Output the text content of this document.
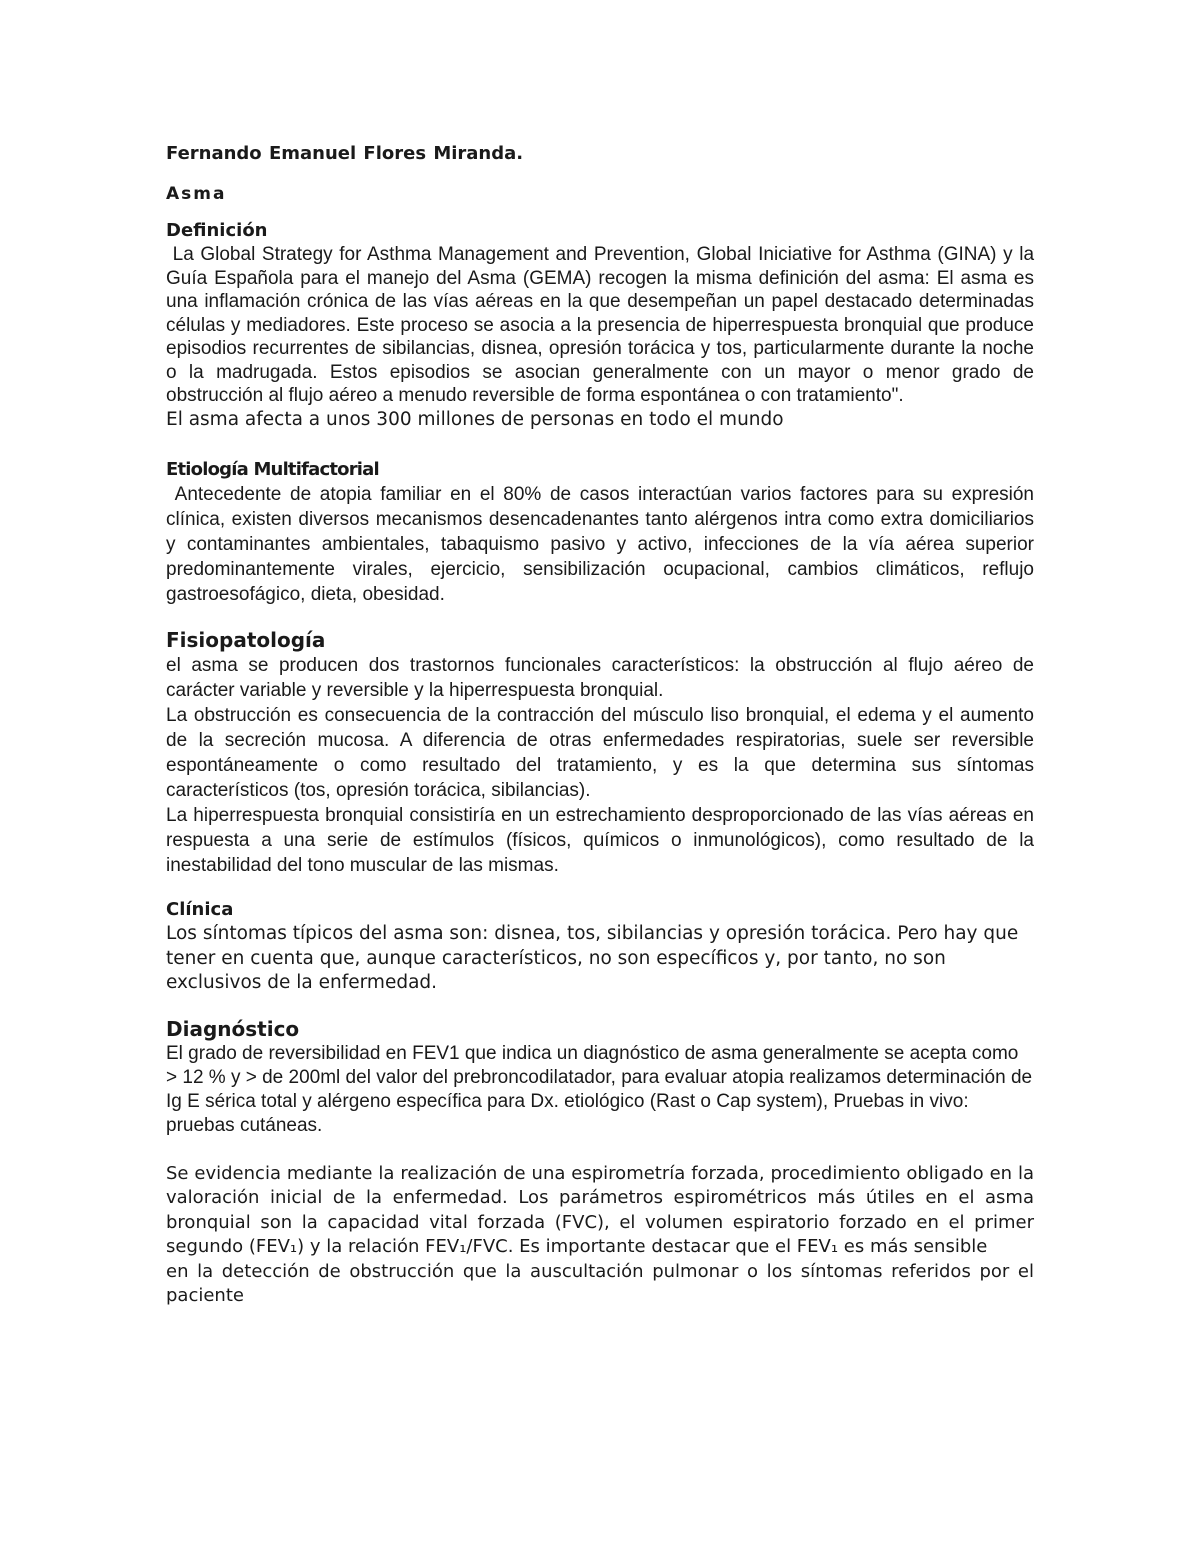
Fernando Emanuel Flores Miranda.

Asma

Definición

La Global Strategy for Asthma Management and Prevention, Global Iniciative for Asthma (GINA) y la Guía Española para el manejo del Asma (GEMA) recogen la misma definición del asma: El asma es una inflamación crónica de las vías aéreas en la que desempeñan un papel destacado determinadas células y mediadores. Este proceso se asocia a la presencia de hiperrespuesta bronquial que produce episodios recurrentes de sibilancias, disnea, opresión torácica y tos, particularmente durante la noche o la madrugada. Estos episodios se asocian generalmente con un mayor o menor grado de obstrucción al flujo aéreo a menudo reversible de forma espontánea o con tratamiento".

El asma afecta a unos 300 millones de personas en todo el mundo

Etiología Multifactorial

Antecedente de atopia familiar en el 80% de casos interactúan varios factores para su expresión clínica, existen diversos mecanismos desencadenantes tanto alérgenos intra como extra domiciliarios y contaminantes ambientales, tabaquismo pasivo y activo, infecciones de la vía aérea superior predominantemente virales, ejercicio, sensibilización ocupacional, cambios climáticos, reflujo gastroesofágico, dieta, obesidad.

Fisiopatología

el asma se producen dos trastornos funcionales característicos: la obstrucción al flujo aéreo de carácter variable y reversible y la hiperrespuesta bronquial.

La obstrucción es consecuencia de la contracción del músculo liso bronquial, el edema y el aumento de la secreción mucosa. A diferencia de otras enfermedades respiratorias, suele ser reversible espontáneamente o como resultado del tratamiento, y es la que determina sus síntomas característicos (tos, opresión torácica, sibilancias).

La hiperrespuesta bronquial consistiría en un estrechamiento desproporcionado de las vías aéreas en respuesta a una serie de estímulos (físicos, químicos o inmunológicos), como resultado de la inestabilidad del tono muscular de las mismas.

Clínica

Los síntomas típicos del asma son: disnea, tos, sibilancias y opresión torácica. Pero hay que tener en cuenta que, aunque característicos, no son específicos y, por tanto, no son exclusivos de la enfermedad.

Diagnóstico

El grado de reversibilidad en FEV1 que indica un diagnóstico de asma generalmente se acepta como > 12 % y > de 200ml del valor del prebroncodilatador, para evaluar atopia realizamos determinación de Ig E sérica total y alérgeno específica para Dx. etiológico (Rast o Cap system), Pruebas in vivo: pruebas cutáneas.

Se evidencia mediante la realización de una espirometría forzada, procedimiento obligado en la valoración inicial de la enfermedad. Los parámetros espirométricos más útiles en el asma bronquial son la capacidad vital forzada (FVC), el volumen espiratorio forzado en el primer segundo (FEV₁) y la relación FEV₁/FVC. Es importante destacar que el FEV₁ es más sensible

en la detección de obstrucción que la auscultación pulmonar o los síntomas referidos por el paciente
